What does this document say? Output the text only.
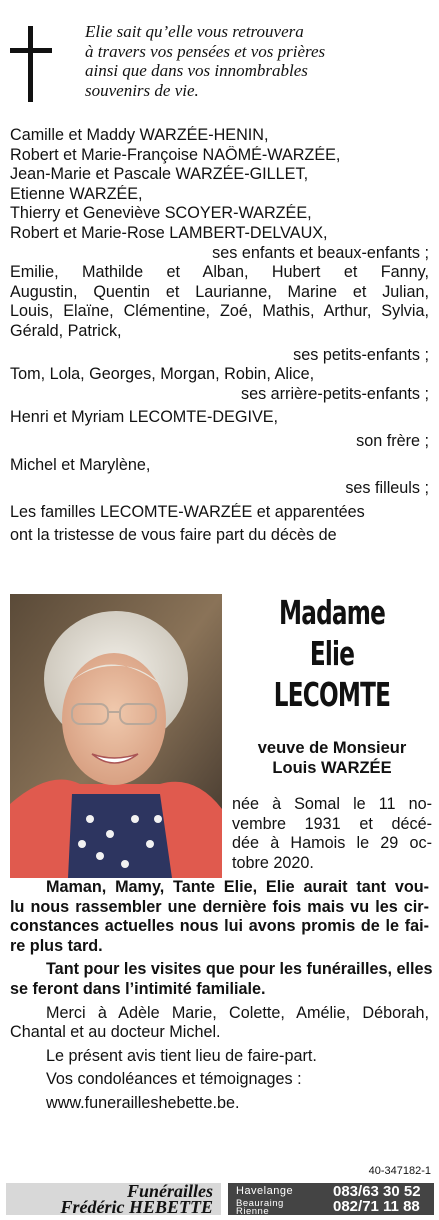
Elie sait qu’elle vous retrouvera
à travers vos pensées et vos prières
ainsi que dans vos innombrables
souvenirs de vie.
Camille et Maddy WARZÉE-HENIN,
Robert et Marie-Françoise NAÔMÉ-WARZÉE,
Jean-Marie et Pascale WARZÉE-GILLET,
Etienne WARZÉE,
Thierry et Geneviève SCOYER-WARZÉE,
Robert et Marie-Rose LAMBERT-DELVAUX,
ses enfants et beaux-enfants ;
Emilie, Mathilde et Alban, Hubert et Fanny,
Augustin, Quentin et Laurianne, Marine et Julian,
Louis, Elaïne, Clémentine, Zoé, Mathis, Arthur, Sylvia,
Gérald, Patrick,
ses petits-enfants ;
Tom, Lola, Georges, Morgan, Robin, Alice,
ses arrière-petits-enfants ;
Henri et Myriam LECOMTE-DEGIVE,
son frère ;
Michel et Marylène,
ses filleuls ;
Les familles LECOMTE-WARZÉE et apparentées
ont la tristesse de vous faire part du décès de
Madame
Elie
LECOMTE
veuve de Monsieur
Louis WARZÉE
née à Somal le 11 no-
vembre 1931 et décé-
dée à Hamois le 29 oc-
tobre 2020.
Maman, Mamy, Tante Elie, Elie aurait tant vou-
lu nous rassembler une dernière fois mais vu les cir-
constances actuelles nous lui avons promis de le fai-
re plus tard.
Tant pour les visites que pour les funérailles, elles
se feront dans l’intimité familiale.
Merci à Adèle Marie, Colette, Amélie, Déborah,
Chantal et au docteur Michel.
Le présent avis tient lieu de faire-part.
Vos condoléances et témoignages :
www.funerailleshebette.be.
40-347182-1
Funérailles
Frédéric HEBETTE
Havelange	083/63 30 52
Beauraing
Rienne	082/71 11 88
